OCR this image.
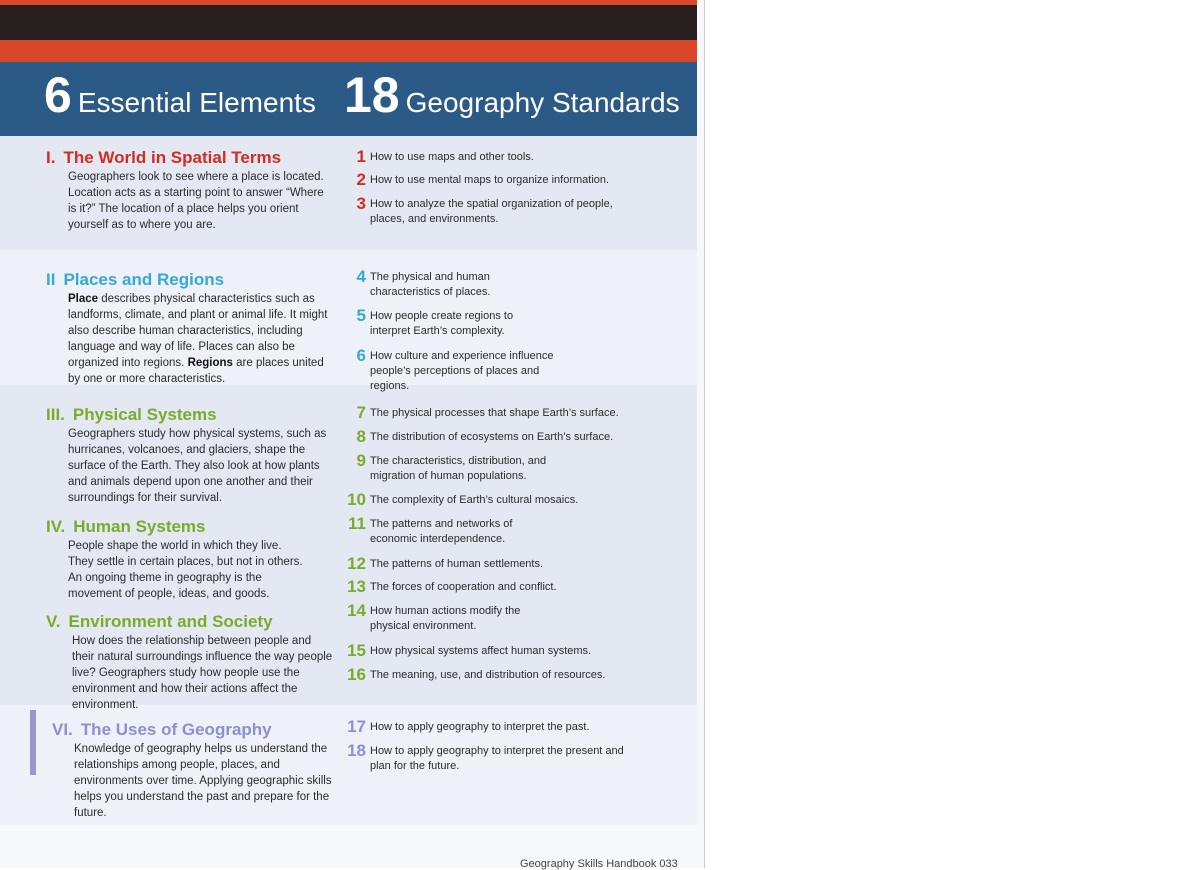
6 Essential Elements 18 Geography Standards
I. The World in Spatial Terms
Geographers look to see where a place is located. Location acts as a starting point to answer “Where is it?” The location of a place helps you orient yourself as to where you are.
II Places and Regions
Place describes physical characteristics such as landforms, climate, and plant or animal life. It might also describe human characteristics, including language and way of life. Places can also be organized into regions. Regions are places united by one or more characteristics.
III. Physical Systems
Geographers study how physical systems, such as hurricanes, volcanoes, and glaciers, shape the surface of the Earth. They also look at how plants and animals depend upon one another and their surroundings for their survival.
IV. Human Systems
People shape the world in which they live. They settle in certain places, but not in others. An ongoing theme in geography is the movement of people, ideas, and goods.
V. Environment and Society
How does the relationship between people and their natural surroundings influence the way people live? Geographers study how people use the environment and how their actions affect the environment.
VI. The Uses of Geography
Knowledge of geography helps us understand the relationships among people, places, and environments over time. Applying geographic skills helps you understand the past and prepare for the future.
1 How to use maps and other tools.
2 How to use mental maps to organize information.
3 How to analyze the spatial organization of people, places, and environments.
4 The physical and human characteristics of places.
5 How people create regions to interpret Earth’s complexity.
6 How culture and experience influence people’s perceptions of places and regions.
7 The physical processes that shape Earth’s surface.
8 The distribution of ecosystems on Earth’s surface.
9 The characteristics, distribution, and migration of human populations.
10 The complexity of Earth’s cultural mosaics.
11 The patterns and networks of economic interdependence.
12 The patterns of human settlements.
13 The forces of cooperation and conflict.
14 How human actions modify the physical environment.
15 How physical systems affect human systems.
16 The meaning, use, and distribution of resources.
17 How to apply geography to interpret the past.
18 How to apply geography to interpret the present and plan for the future.
Geography Skills Handbook 033
